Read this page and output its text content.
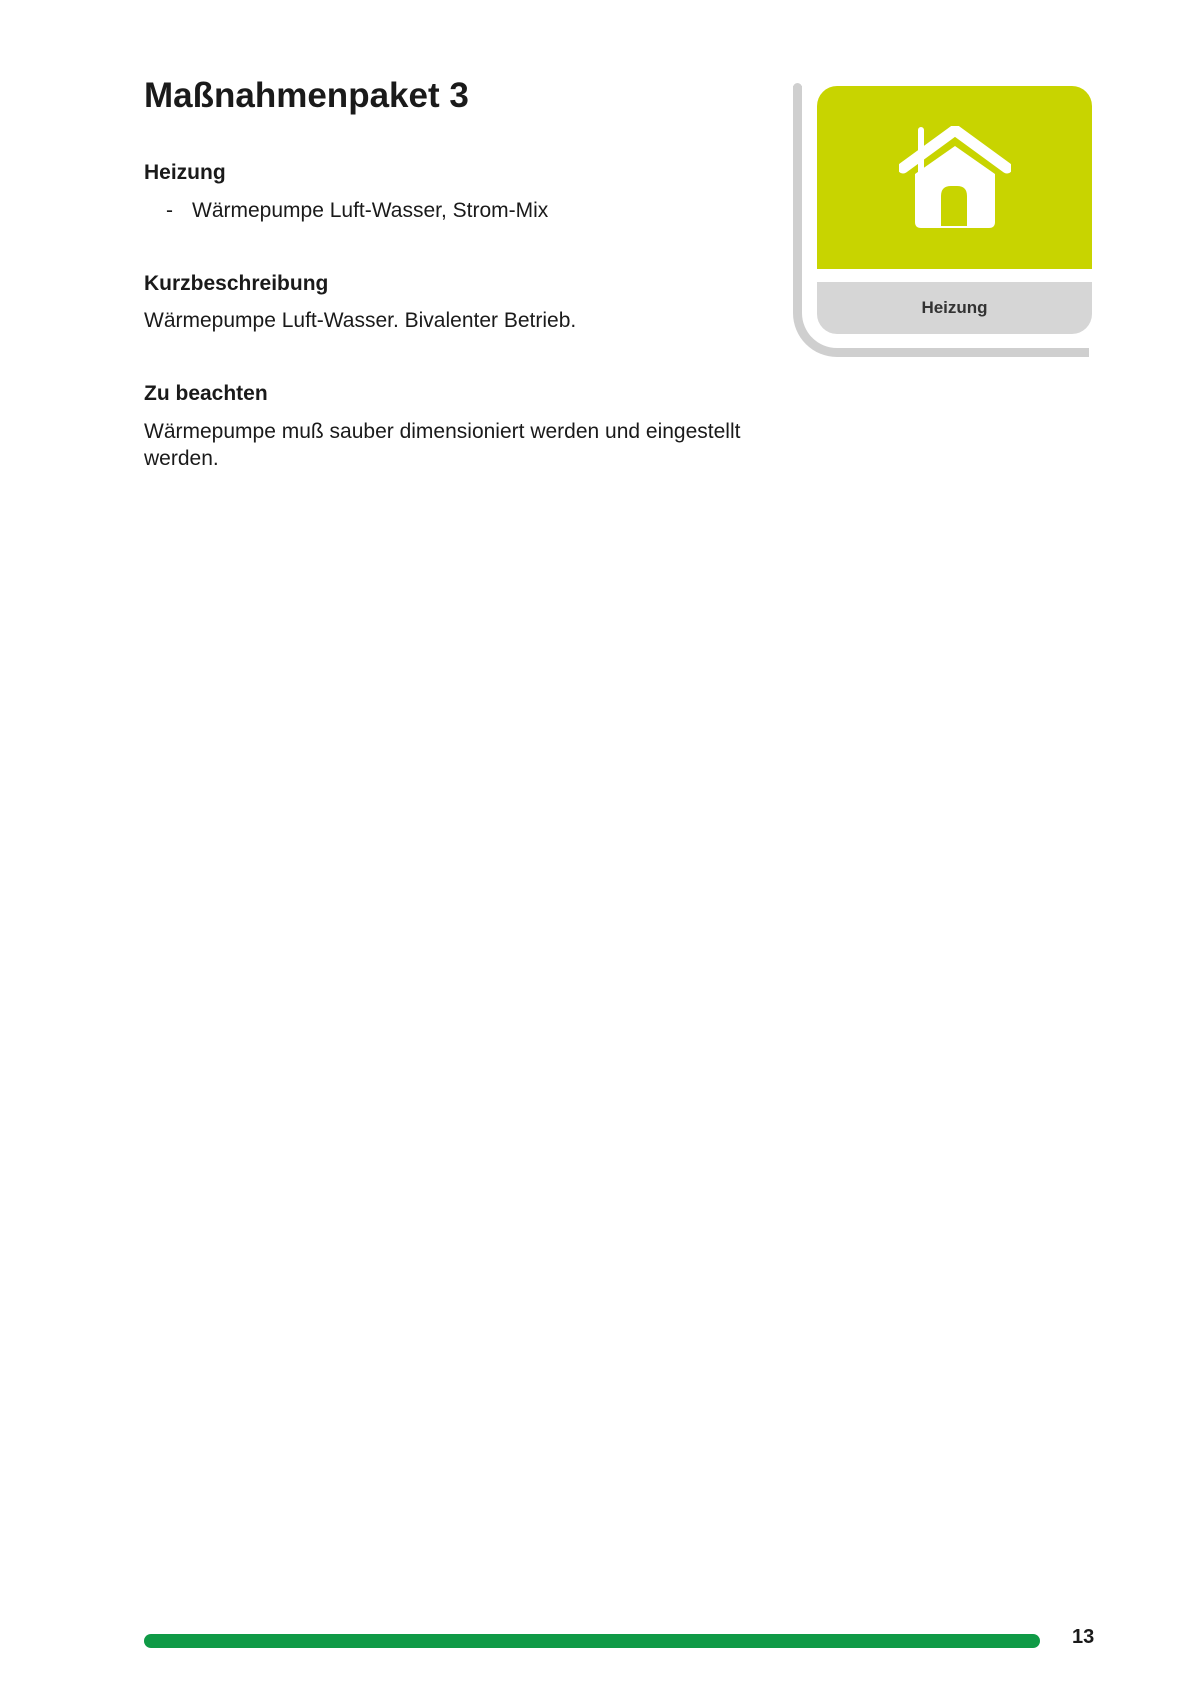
Maßnahmenpaket 3
Heizung
- Wärmepumpe Luft-Wasser, Strom-Mix
Kurzbeschreibung

Wärmepumpe Luft-Wasser. Bivalenter Betrieb.

Zu beachten

Wärmepumpe muß sauber dimensioniert werden und eingestellt werden.

Heizung
13
